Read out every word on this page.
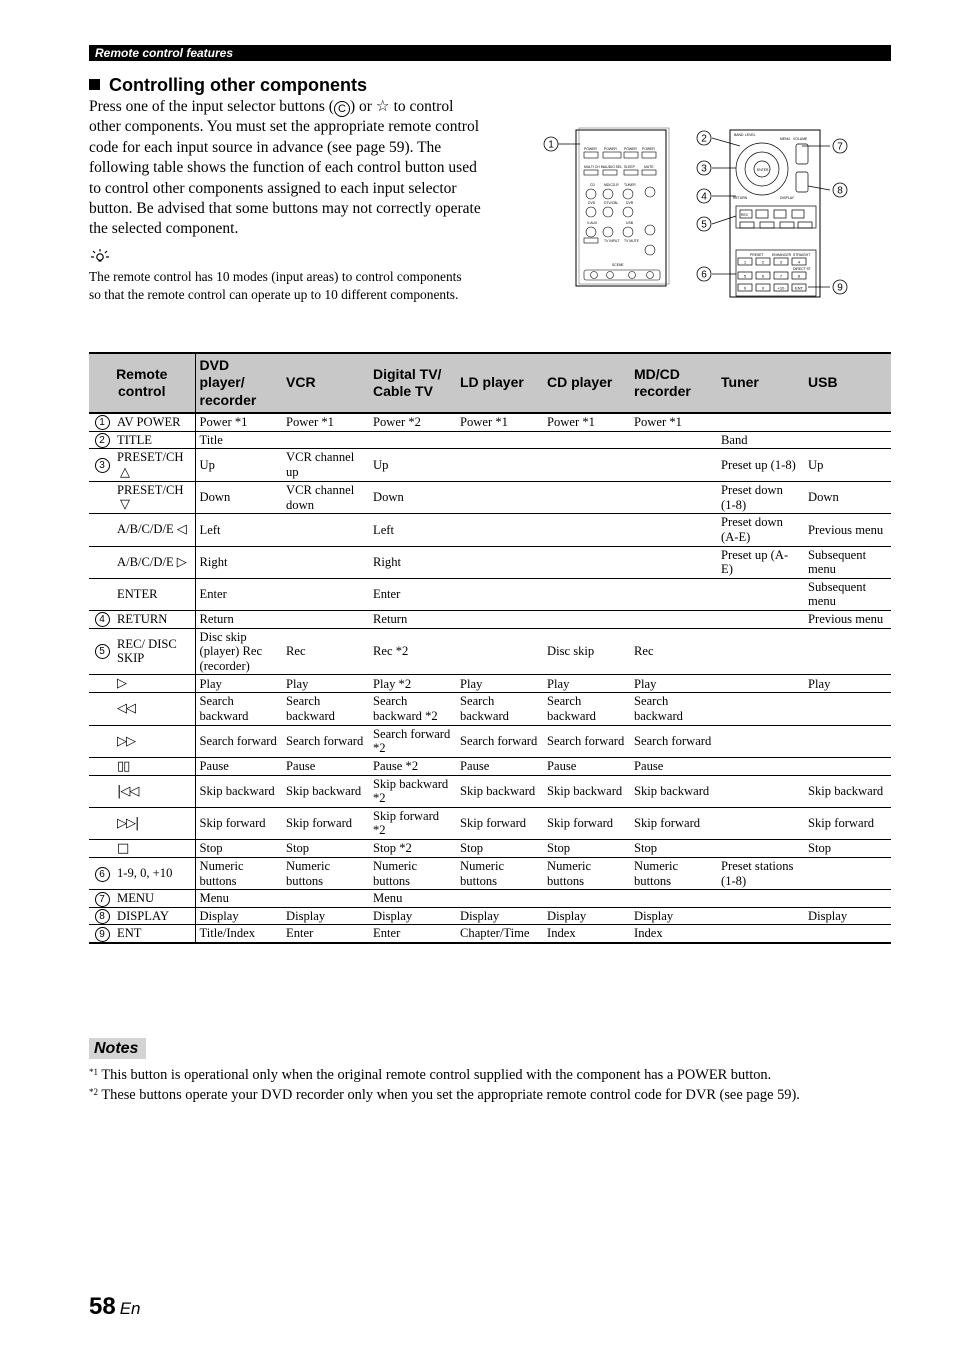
Remote control features
Controlling other components
Press one of the input selector buttons ( C ) or ☆ to control other components. You must set the appropriate remote control code for each input source in advance (see page 59). The following table shows the function of each control button used to control other components assigned to each input selector button. Be advised that some buttons may not correctly operate the selected component.
The remote control has 10 modes (input areas) to control components so that the remote control can operate up to 10 different components.
POWER POWER POWER POWER
MULTI CH IN AUDIO SEL SLEEP	MUTE
CD	MD/CD-R TUNER
DVD	DTV/CBL DVR
V-AUX	USB
TV INPUT TV MUTE
SCENE
BAND LEVEL
MENU VOLUME
ENTER
RETURN	DISPLAY
REC
PRESET ENHANCER STRAIGHT
DIRECT ST
1	2	3	4
5	6	7	8
9	0	+10	ENT
1
2
3
4
5
6
7
8
9
Remote control		DVD player/ recorder	VCR	Digital TV/ Cable TV	LD player	CD player	MD/CD recorder	Tuner	USB
1	AV POWER	Power *1	Power *1	Power *2	Power *1	Power *1	Power *1		
2	TITLE	Title						Band	
3	PRESET/CH△	Up	VCR channel up	Up				Preset up (1-8)	Up
	PRESET/CH▽	Down	VCR channel down	Down				Preset down (1-8)	Down
	A/B/C/D/E ◁	Left		Left				Preset down (A-E)	Previous menu
	A/B/C/D/E ▷	Right		Right				Preset up (A-E)	Subsequent menu
	ENTER	Enter		Enter					Subsequent menu
4	RETURN	Return		Return					Previous menu
5	REC/ DISC SKIP	Disc skip (player) Rec (recorder)	Rec	Rec *2		Disc skip	Rec		
	▷	Play	Play	Play *2	Play	Play	Play		Play
	◁◁	Search backward	Search backward	Search backward *2	Search backward	Search backward	Search backward		
	▷▷	Search forward	Search forward	Search forward *2	Search forward	Search forward	Search forward		
	▯▯	Pause	Pause	Pause *2	Pause	Pause	Pause		
	|◁◁	Skip backward	Skip backward	Skip backward *2	Skip backward	Skip backward	Skip backward		Skip backward
	▷▷|	Skip forward	Skip forward	Skip forward *2	Skip forward	Skip forward	Skip forward		Skip forward
	□	Stop	Stop	Stop *2	Stop	Stop	Stop		Stop
6	1-9, 0, +10	Numeric buttons	Numeric buttons	Numeric buttons	Numeric buttons	Numeric buttons	Numeric buttons	Preset stations (1-8)	
7	MENU	Menu		Menu					
8	DISPLAY	Display	Display	Display	Display	Display	Display		Display
9	ENT	Title/Index	Enter	Enter	Chapter/Time	Index	Index		
Notes
$^{*1}$ This button is operational only when the original remote control supplied with the component has a POWER button.
$^{*2}$ These buttons operate your DVD recorder only when you set the appropriate remote control code for DVR (see page 59).
58 En
